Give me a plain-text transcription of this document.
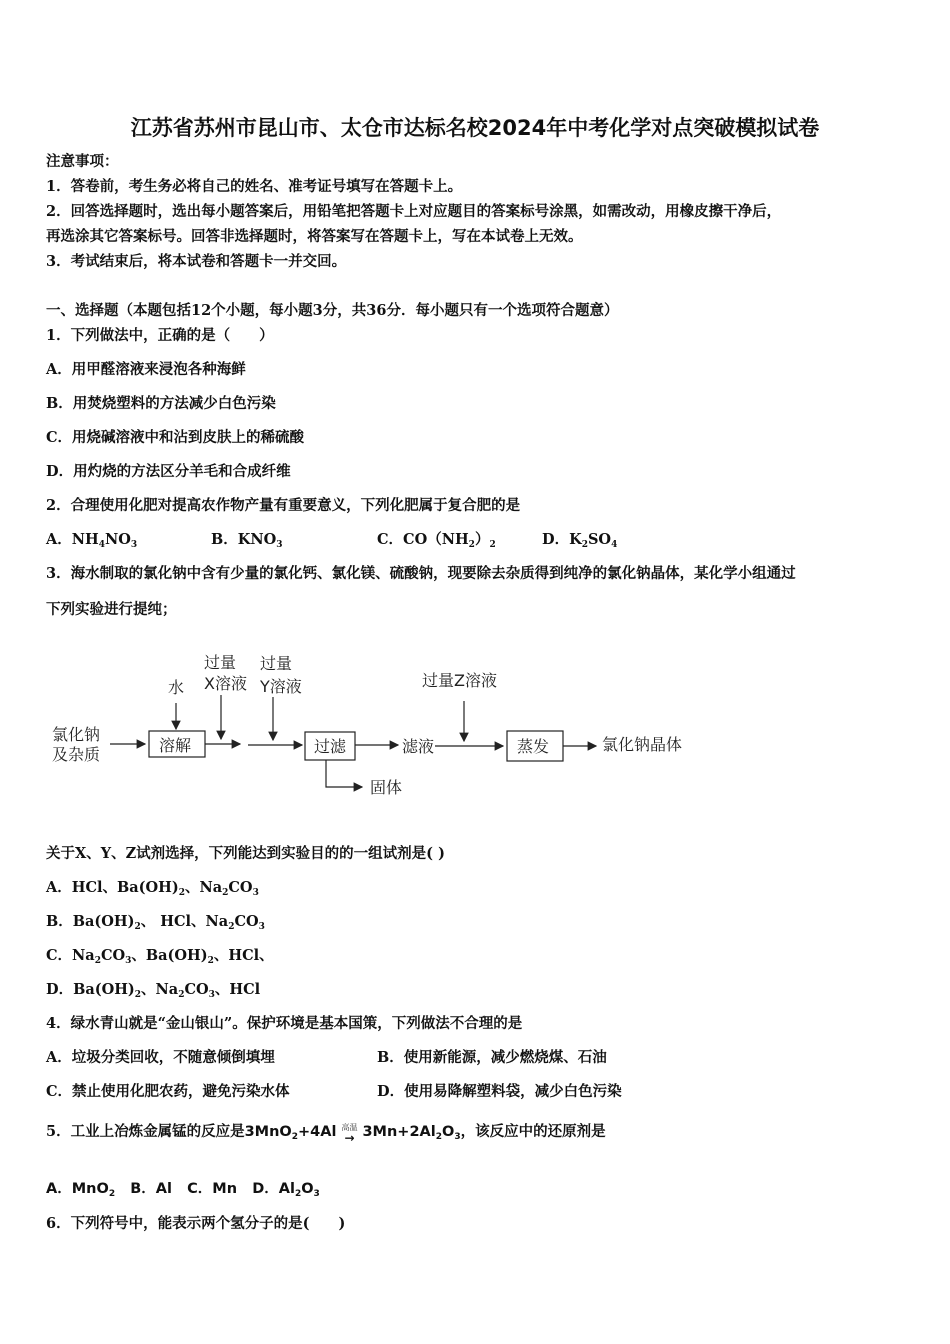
江苏省苏州市昆山市、太仓市达标名校2024年中考化学对点突破模拟试卷
注意事项：
1．答卷前，考生务必将自己的姓名、准考证号填写在答题卡上。
2．回答选择题时，选出每小题答案后，用铅笔把答题卡上对应题目的答案标号涂黑，如需改动，用橡皮擦干净后，
再选涂其它答案标号。回答非选择题时，将答案写在答题卡上，写在本试卷上无效。
3．考试结束后，将本试卷和答题卡一并交回。
一、选择题（本题包括12个小题，每小题3分，共36分．每小题只有一个选项符合题意）
1．下列做法中，正确的是（　　）
A．用甲醛溶液来浸泡各种海鲜
B．用焚烧塑料的方法减少白色污染
C．用烧碱溶液中和沾到皮肤上的稀硫酸
D．用灼烧的方法区分羊毛和合成纤维
2．合理使用化肥对提高农作物产量有重要意义，下列化肥属于复合肥的是
A．$NH_4NO_3$	B．$KNO_3$	C．$CO(NH_2)_2$	D．$K_2SO_4$
3．海水制取的氯化钠中含有少量的氯化钙、氯化镁、硫酸钠，现要除去杂质得到纯净的氯化钠晶体，某化学小组通过
下列实验进行提纯；
氯化钠
及杂质
水
溶解
过量
X溶液
过量
Y溶液
过滤
固体
滤液
过量Z溶液
蒸发	氯化钠晶体
关于X、Y、Z试剂选择，下列能达到实验目的的一组试剂是( )
A．HCl、$Ba(OH)_2$、$Na_2CO_3$
B．$Ba(OH)_2$、 HCl、$Na_2CO_3$
C．$Na_2CO_3$、$Ba(OH)_2$、HCl、
D．$Ba(OH)_2$、$Na_2CO_3$、HCl
4．绿水青山就是“金山银山”。保护环境是基本国策，下列做法不合理的是
A．垃圾分类回收，不随意倾倒填埋	B．使用新能源，减少燃烧煤、石油
C．禁止使用化肥农药，避免污染水体	D．使用易降解塑料袋，减少白色污染
5．工业上冶炼金属锰的反应是3MnO$_2$+4Al 高温
→ $3Mn+2Al_2O_3$，该反应中的还原剂是
A．MnO$_2$ B．Al C．Mn D．$Al_2O_3$
6．下列符号中，能表示两个氢分子的是(　　)
